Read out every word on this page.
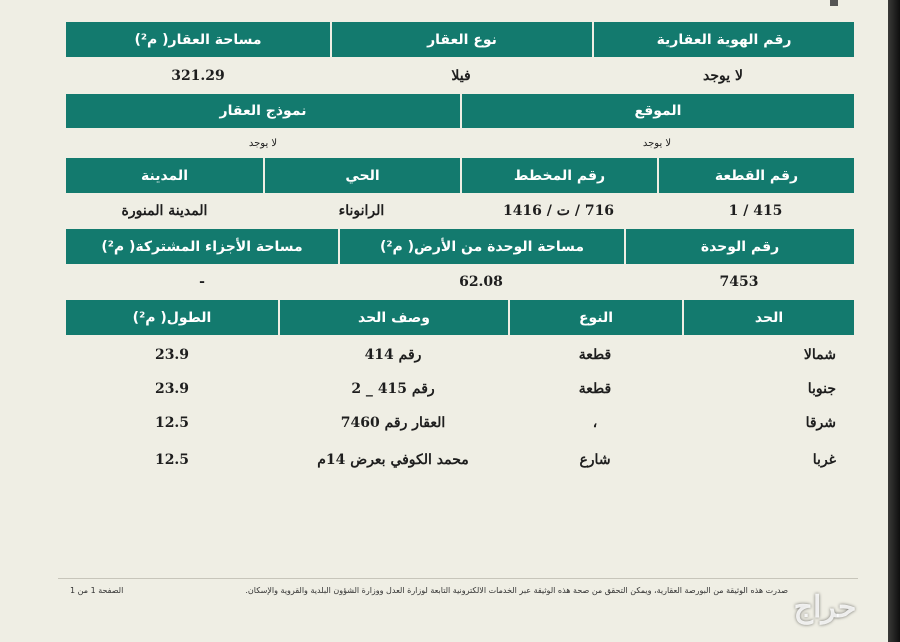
رقم الهوية العقارية
نوع العقار
مساحة العقار( م²)
لا يوجد
فيلا
321.29
الموقع
نموذج العقار
لا يوجد
لا يوجد
رقم القطعة
رقم المخطط
الحي
المدينة
415 / 1
716 / ت / 1416
الرانوناء
المدينة المنورة
رقم الوحدة
مساحة الوحدة من الأرض( م²)
مساحة الأجزاء المشتركة( م²)
7453
62.08
-
الحد
النوع
وصف الحد
الطول( م²)
شمالا
قطعة
رقم 414
23.9
جنوبا
قطعة
رقم 415 _ 2
23.9
شرقا
،
العقار رقم 7460
12.5
غربا
شارع
محمد الكوفي بعرض 14م
12.5
صدرت هذه الوثيقة من البورصة العقارية، ويمكن التحقق من صحة هذه الوثيقة عبر الخدمات الالكترونية التابعة لوزارة العدل ووزارة الشؤون البلدية والقروية والإسكان.
الصفحة 1 من 1	حراج
